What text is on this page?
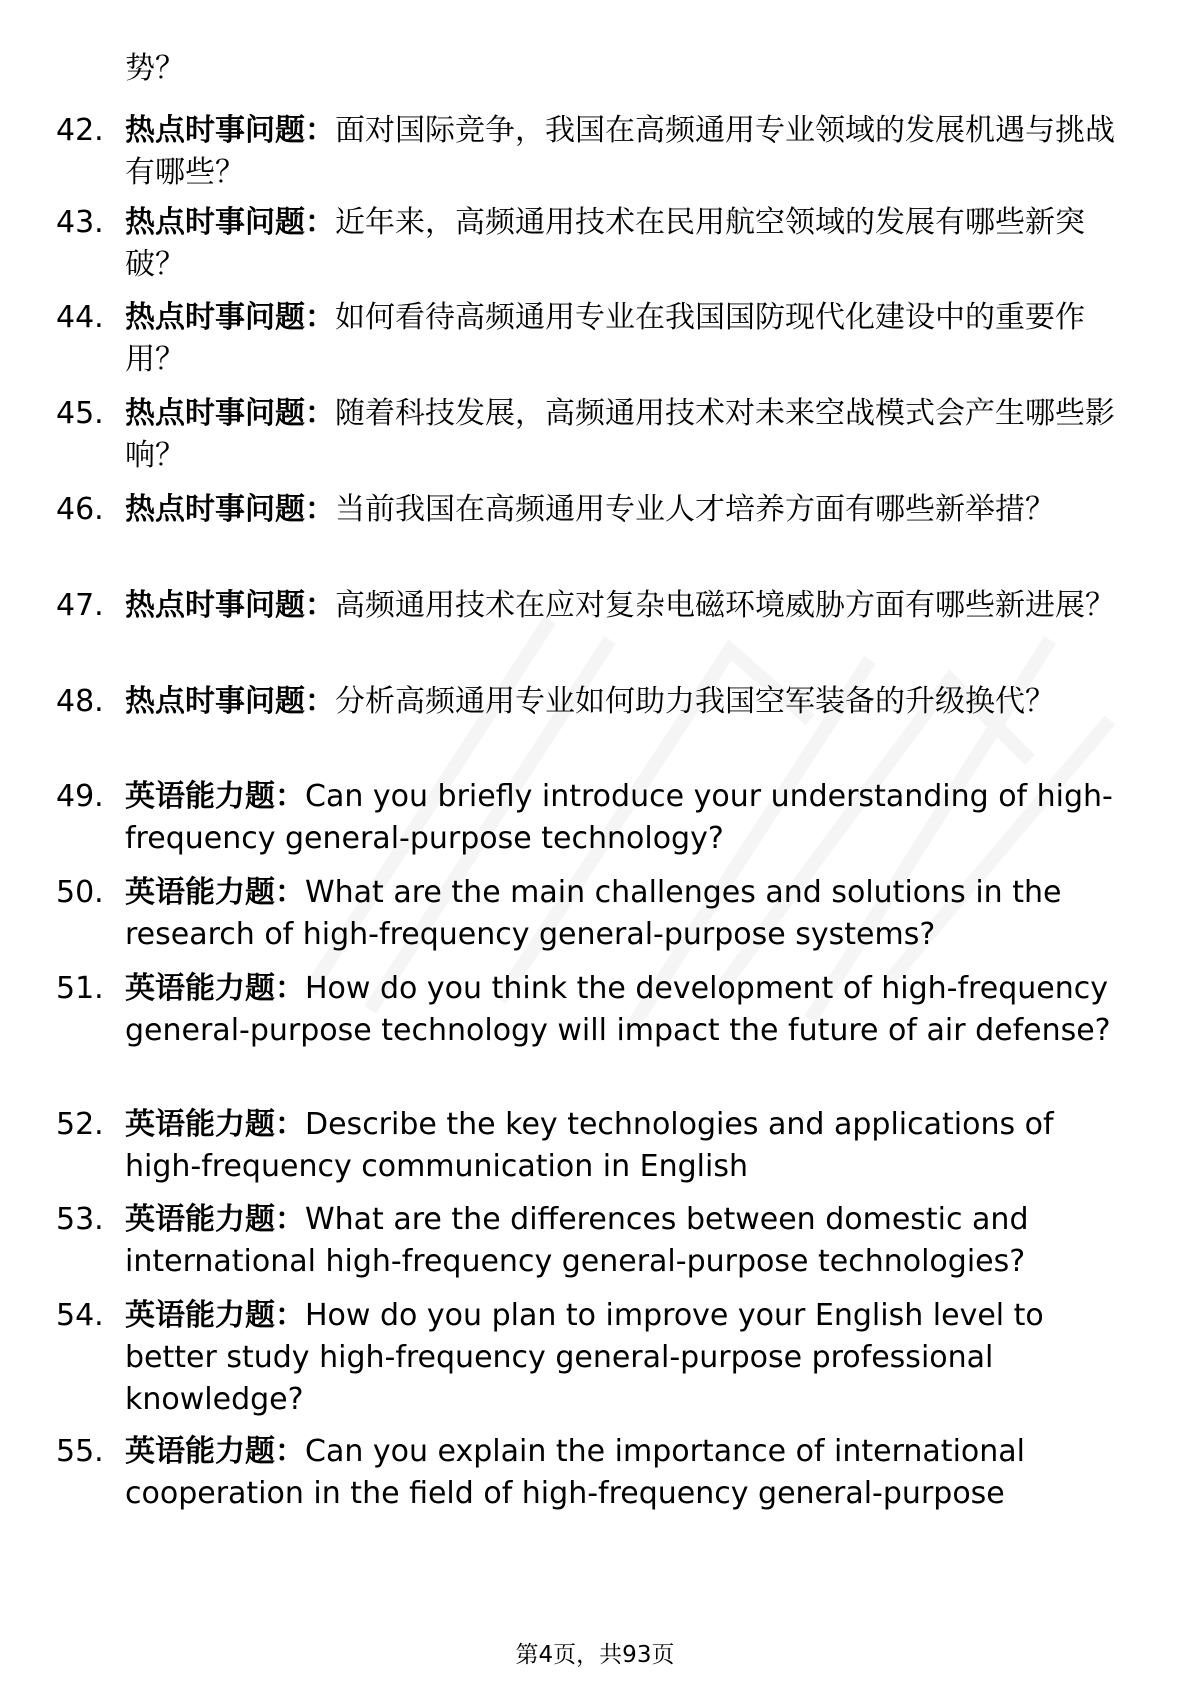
势？
42. 热点时事问题：面对国际竞争，我国在高频通用专业领域的发展机遇与挑战有哪些？
43. 热点时事问题：近年来，高频通用技术在民用航空领域的发展有哪些新突破？
44. 热点时事问题：如何看待高频通用专业在我国国防现代化建设中的重要作用？
45. 热点时事问题：随着科技发展，高频通用技术对未来空战模式会产生哪些影响？
46. 热点时事问题：当前我国在高频通用专业人才培养方面有哪些新举措？
47. 热点时事问题：高频通用技术在应对复杂电磁环境威胁方面有哪些新进展？
48. 热点时事问题：分析高频通用专业如何助力我国空军装备的升级换代？
49. 英语能力题：Can you briefly introduce your understanding of high-frequency general-purpose technology?
50. 英语能力题：What are the main challenges and solutions in the research of high-frequency general-purpose systems?
51. 英语能力题：How do you think the development of high-frequency general-purpose technology will impact the future of air defense?
52. 英语能力题：Describe the key technologies and applications of high-frequency communication in English
53. 英语能力题：What are the differences between domestic and international high-frequency general-purpose technologies?
54. 英语能力题：How do you plan to improve your English level to better study high-frequency general-purpose professional knowledge?
55. 英语能力题：Can you explain the importance of international cooperation in the field of high-frequency general-purpose
第4页，共93页
